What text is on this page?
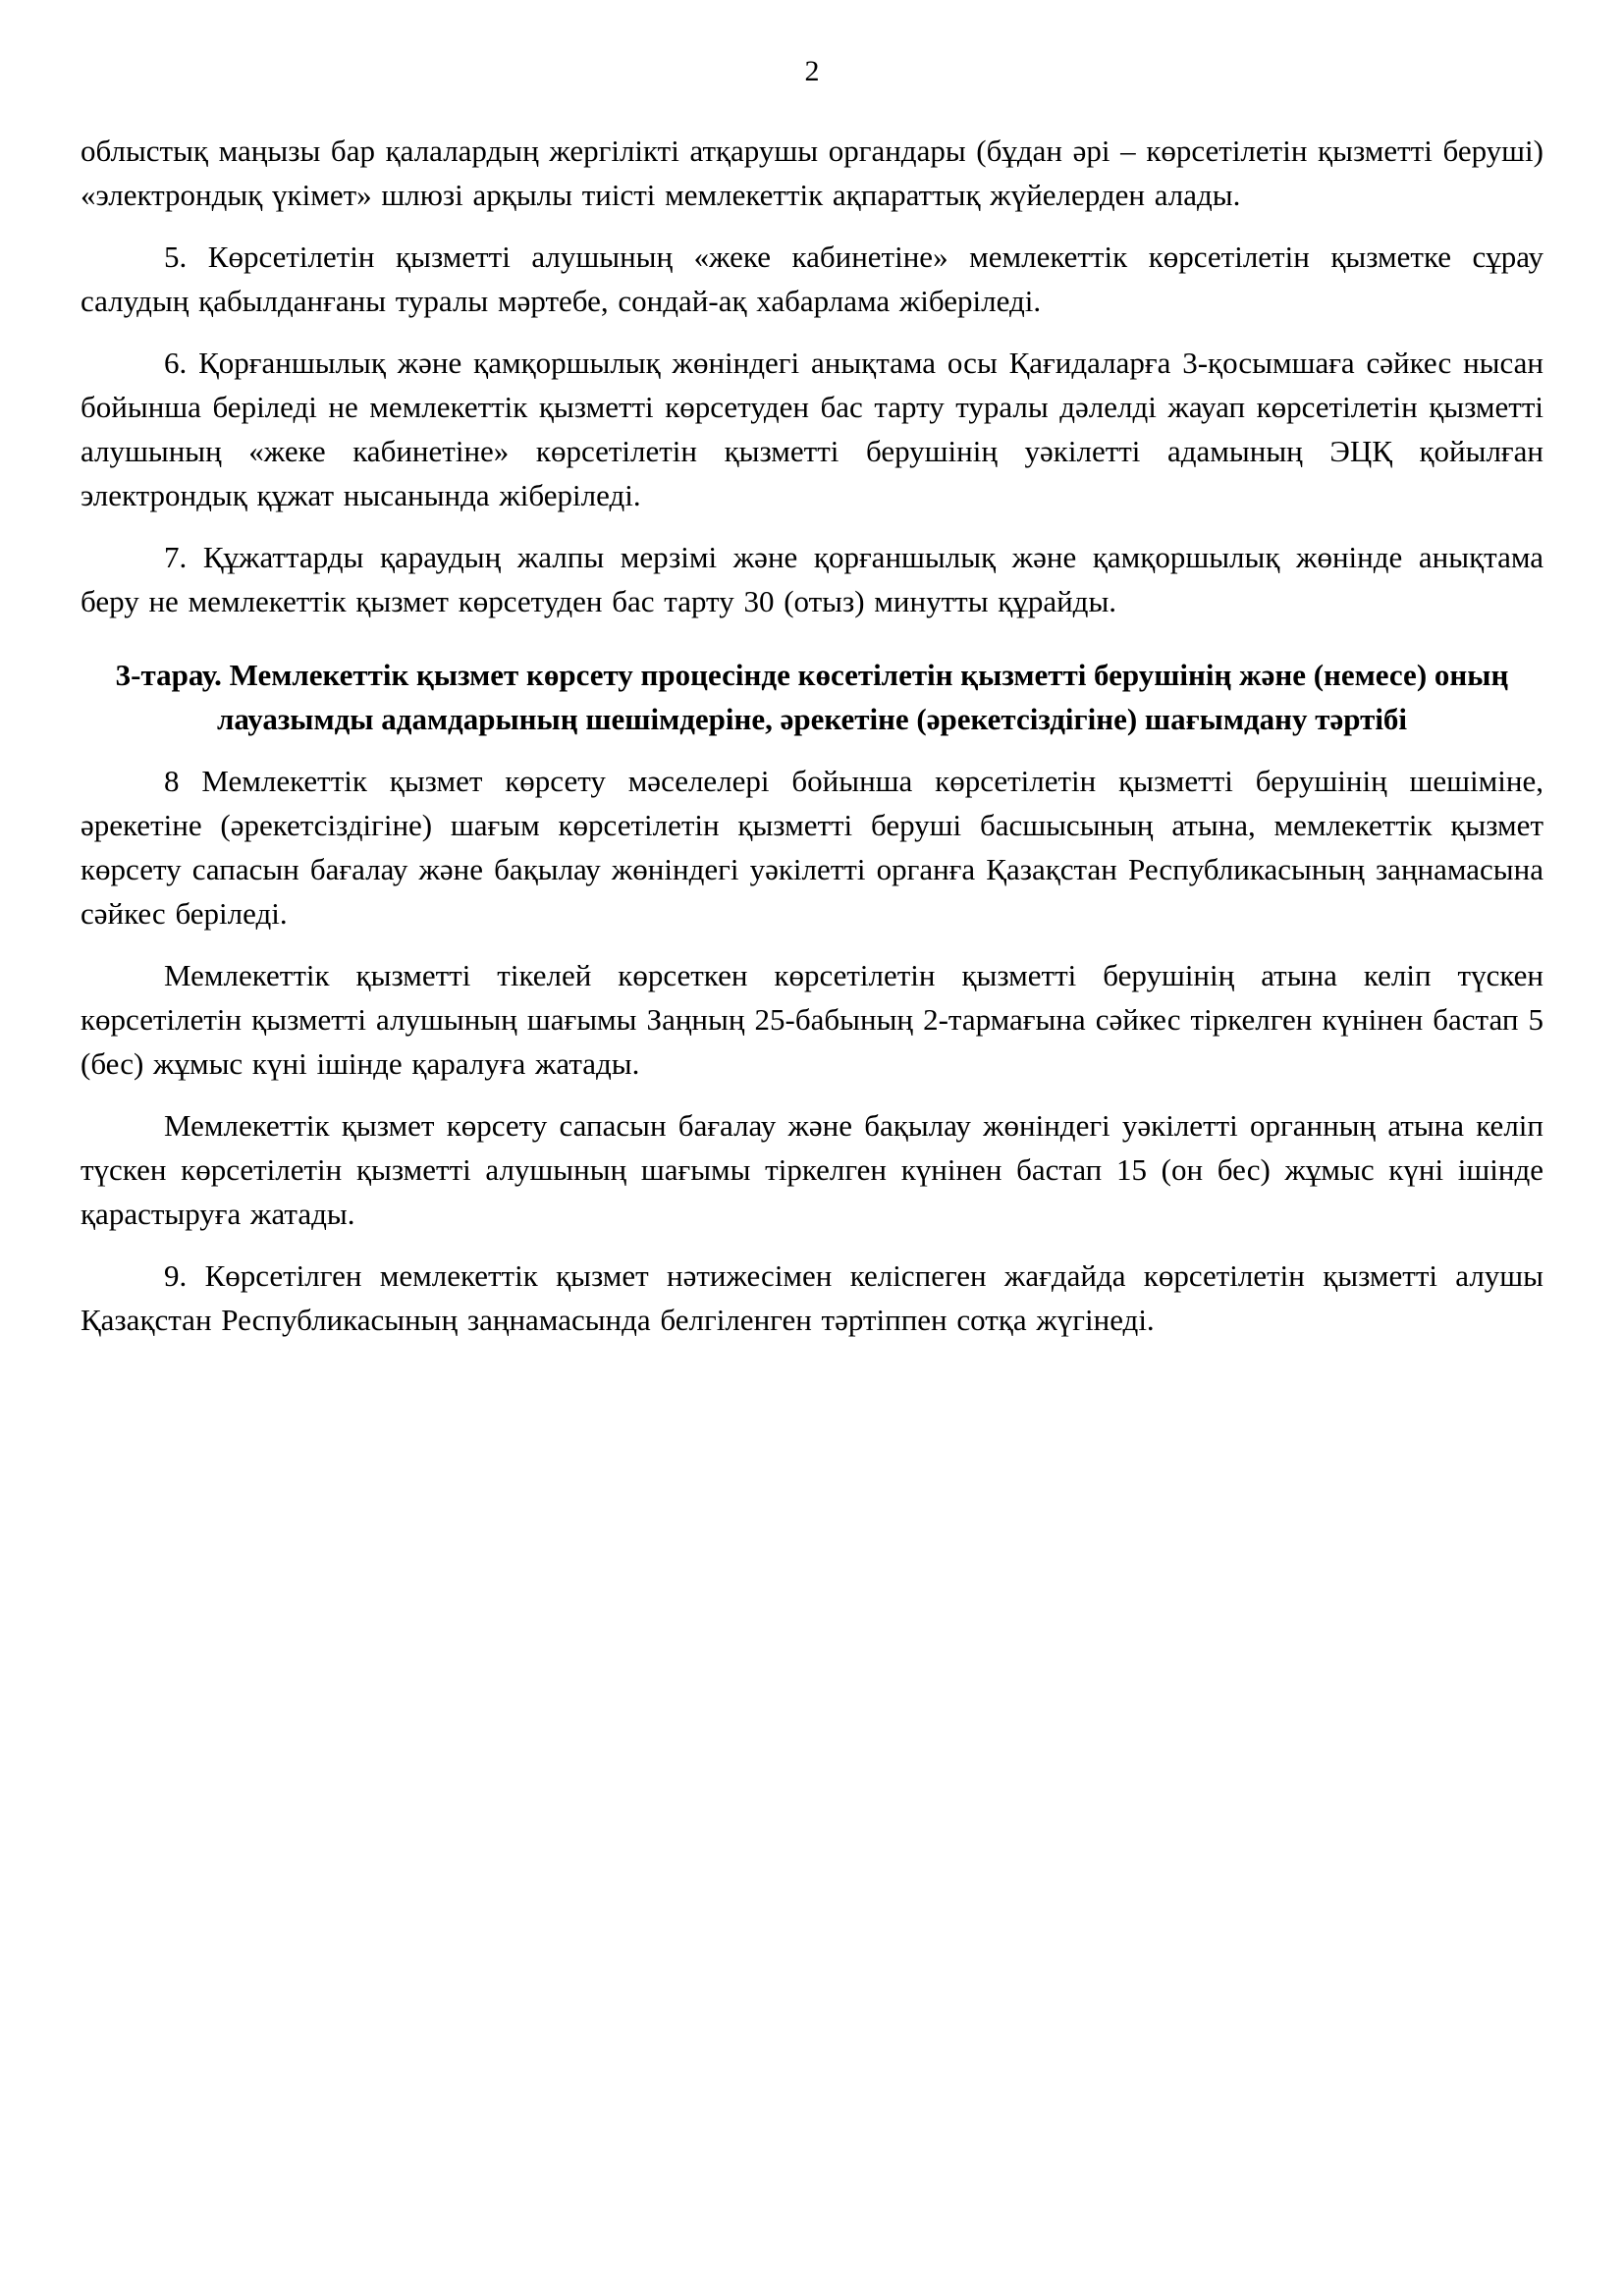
2

облыстық маңызы бар қалалардың жергілікті атқарушы органдары (бұдан әрі – көрсетілетін қызметті беруші) «электрондық үкімет» шлюзі арқылы тиісті мемлекеттік ақпараттық жүйелерден алады.

5. Көрсетілетін қызметті алушының «жеке кабинетіне» мемлекеттік көрсетілетін қызметке сұрау салудың қабылданғаны туралы мәртебе, сондай-ақ хабарлама жіберіледі.

6. Қорғаншылық және қамқоршылық жөніндегі анықтама осы Қағидаларға 3-қосымшаға сәйкес нысан бойынша беріледі не мемлекеттік қызметті көрсетуден бас тарту туралы дәлелді жауап көрсетілетін қызметті алушының «жеке кабинетіне» көрсетілетін қызметті берушінің уәкілетті адамының ЭЦҚ қойылған электрондық құжат нысанында жіберіледі.

7. Құжаттарды қараудың жалпы мерзімі және қорғаншылық және қамқоршылық жөнінде анықтама беру не мемлекеттік қызмет көрсетуден бас тарту 30 (отыз) минутты құрайды.

3-тарау. Мемлекеттік қызмет көрсету процесінде көсетілетін қызметті берушінің және (немесе) оның лауазымды адамдарының шешімдеріне, әрекетіне (әрекетсіздігіне) шағымдану тәртібі

8 Мемлекеттік қызмет көрсету мәселелері бойынша көрсетілетін қызметті берушінің шешіміне, әрекетіне (әрекетсіздігіне) шағым көрсетілетін қызметті беруші басшысының атына, мемлекеттік қызмет көрсету сапасын бағалау және бақылау жөніндегі уәкілетті органға Қазақстан Республикасының заңнамасына сәйкес беріледі.

Мемлекеттік қызметті тікелей көрсеткен көрсетілетін қызметті берушінің атына келіп түскен көрсетілетін қызметті алушының шағымы Заңның 25-бабының 2-тармағына сәйкес тіркелген күнінен бастап 5 (бес) жұмыс күні ішінде қаралуға жатады.

Мемлекеттік қызмет көрсету сапасын бағалау және бақылау жөніндегі уәкілетті органның атына келіп түскен көрсетілетін қызметті алушының шағымы тіркелген күнінен бастап 15 (он бес) жұмыс күні ішінде қарастыруға жатады.

9. Көрсетілген мемлекеттік қызмет нәтижесімен келіспеген жағдайда көрсетілетін қызметті алушы Қазақстан Республикасының заңнамасында белгіленген тәртіппен сотқа жүгінеді.
